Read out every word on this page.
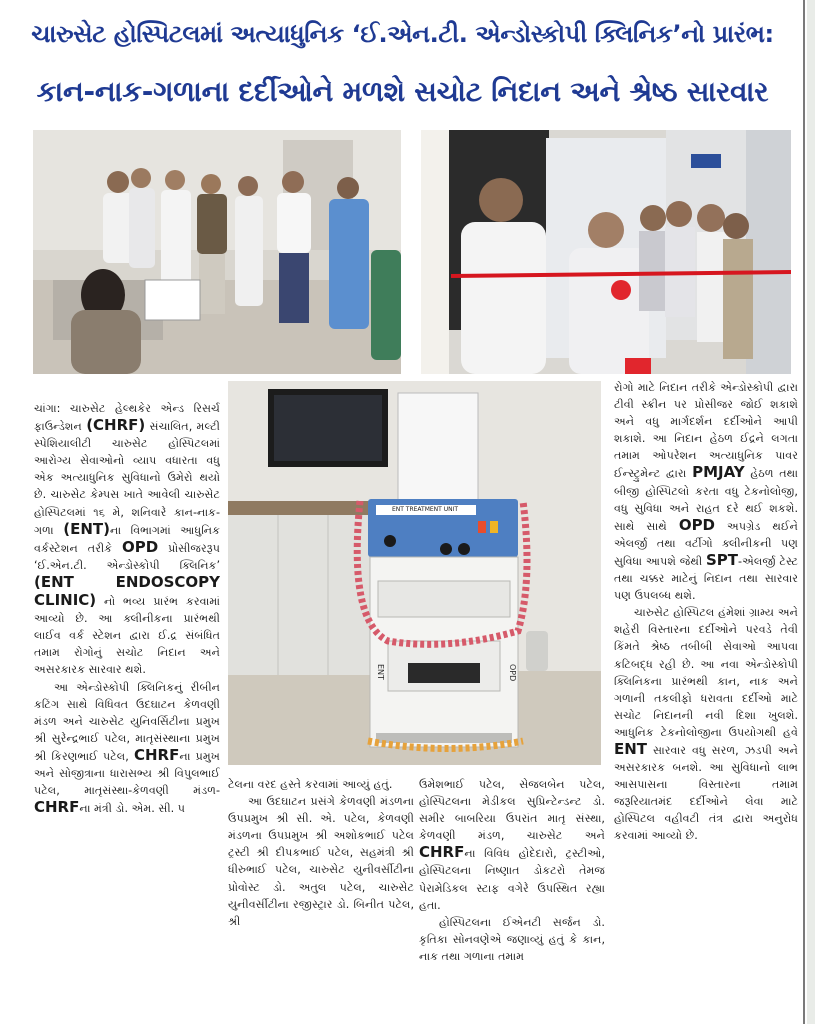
ચારુસેટ હોસ્પિટલમાં અત્યાધુનિક ‘ઈ.એન.ટી. એન્ડોસ્કોપી ક્લિનિક’નો પ્રારંભ:
કાન-નાક-ગળાના દર્દીઓને મળશે સચોટ નિદાન અને શ્રેષ્ઠ સારવાર
ENT TREATMENT UNIT
ENT	OPD

ચાંગા: ચારુસેટ હેલ્થકેર એન્ડ રિસર્ચ ફાઉન્ડેશન (CHRF) સંચાલિત, મલ્ટી સ્પેશિયાલીટી ચારુસેટ હોસ્પિટલમાં આરોગ્ય સેવાઓનો વ્યાપ વધારતા વધુ એક અત્યાધુનિક સુવિધાનો ઉમેરો થયો છે. ચારુસેટ કેમ્પસ ખાતે આવેલી ચારુસેટ હોસ્પિટલમાં ૧૬ મે, શનિવારે કાન-નાક-ગળા (ENT)ના વિભાગમાં આધુનિક વર્કસ્ટેશન તરીકે OPD પ્રોસીજરરૂપ ‘ઈ.એન.ટી. એન્ડોસ્કોપી ક્લિનિક’ (ENT ENDOSCOPY CLINIC) નો ભવ્ય પ્રારંભ કરવામાં આવ્યો છે. આ ક્લીનીકના પ્રારંભથી લાઈવ વર્ક સ્ટેશન દ્વારા ઈ.દ્ર સંબંધિત તમામ રોગોનું સચોટ નિદાન અને અસરકારક સારવાર થશે.

આ એન્ડોસ્કોપી ક્લિનિકનું રીબીન કટિંગ સાથે વિધિવત ઉદઘાટન કેળવણી મંડળ અને ચારુસેટ યુનિવર્સિટીના પ્રમુખ શ્રી સુરેન્દ્રભાઈ પટેલ, માતૃસંસ્થાના પ્રમુખ શ્રી કિરણભાઈ પટેલ, CHRFના પ્રમુખ અને સોજીત્રાના ધારાસભ્ય શ્રી વિપુલભાઈ પટેલ, માતૃસંસ્થા-કેળવણી મંડળ-CHRFના મંત્રી ડો. એમ. સી. પ

ટેલના વરદ હસ્તે કરવામાં આવ્યું હતું.

આ ઉદઘાટન પ્રસંગે કેળવણી મંડળના ઉપપ્રમુખ શ્રી સી. એ. પટેલ, કેળવણી મંડળના ઉપપ્રમુખ શ્રી અશોકભાઈ પટેલ ટ્રસ્ટી શ્રી દીપકભાઈ પટેલ, સહમંત્રી શ્રી ધીરુભાઈ પટેલ, ચારુસેટ યુનીવર્સીટીના પ્રોવોસ્ટ ડો. અતુલ પટેલ, ચારુસેટ યુનીવર્સીટીના રજીસ્ટ્રાર ડો. બિનીત પટેલ, શ્રી

ઉમેશભાઈ પટેલ, સેજલબેન પટેલ, હોસ્પિટલના મેડીકલ સુપ્રિન્ટેન્ડન્ટ ડો. સમીર બાબરિયા ઉપરાંત માતૃ સંસ્થા, કેળવણી મંડળ, ચારુસેટ અને CHRFના વિવિધ હોદેદારો, ટ્રસ્ટીઓ, હોસ્પિટલના નિષ્ણાત ડોકટરો તેમજ પેરામેડિકલ સ્ટાફ વગેરે ઉપસ્થિત રહ્યા હતા.

હોસ્પિટલના ઈએનટી સર્જન ડો. કૃતિકા સોનવણેએ જણાવ્યું હતું કે કાન, નાક તથા ગળાના તમામ

રોગો માટે નિદાન તરીકે એન્ડોસ્કોપી દ્વારા ટીવી સ્ક્રીન પર પ્રોસીજર જોઈ શકાશે અને વધુ માર્ગદર્શન દર્દીઓને આપી શકાશે. આ નિદાન હેઠળ ઈદ્રને લગતા તમામ ઓપરેશન અત્યાધુનિક પાવર ઈન્સ્ટ્રુમેન્ટ દ્વારા PMJAY હેઠળ તથા બીજી હોસ્પિટલો કરતા વધુ ટેકનોલોજી, વધુ સુવિધા અને રાહત દરે થઈ શકશે. સાથે સાથે OPD અપગ્રેડ થઈને એલર્જી તથા વર્ટીગો ક્લીનીકની પણ સુવિધા આપશે જેથી SPT-એલર્જી ટેસ્ટ તથા ચક્કર માટેનું નિદાન તથા સારવાર પણ ઉપલબ્ધ થશે.

ચારુસેટ હોસ્પિટલ હંમેશાં ગ્રામ્ય અને શહેરી વિસ્તારના દર્દીઓને પરવડે તેવી કિંમતે શ્રેષ્ઠ તબીબી સેવાઓ આપવા કટિબદ્ધ રહી છે. આ નવા એન્ડોસ્કોપી ક્લિનિકના પ્રારંભથી કાન, નાક અને ગળાની તકલીફો ધરાવતા દર્દીઓ માટે સચોટ નિદાનની નવી દિશા ખુલશે. આધુનિક ટેકનોલોજીના ઉપયોગથી હવે ENT સારવાર વધુ સરળ, ઝડપી અને અસરકારક બનશે. આ સુવિધાનો લાભ આસપાસના વિસ્તારના તમામ જરૂરિયાતમંદ દર્દીઓને લેવા માટે હોસ્પિટલ વહીવટી તંત્ર દ્વારા અનુરોધ કરવામાં આવ્યો છે.
